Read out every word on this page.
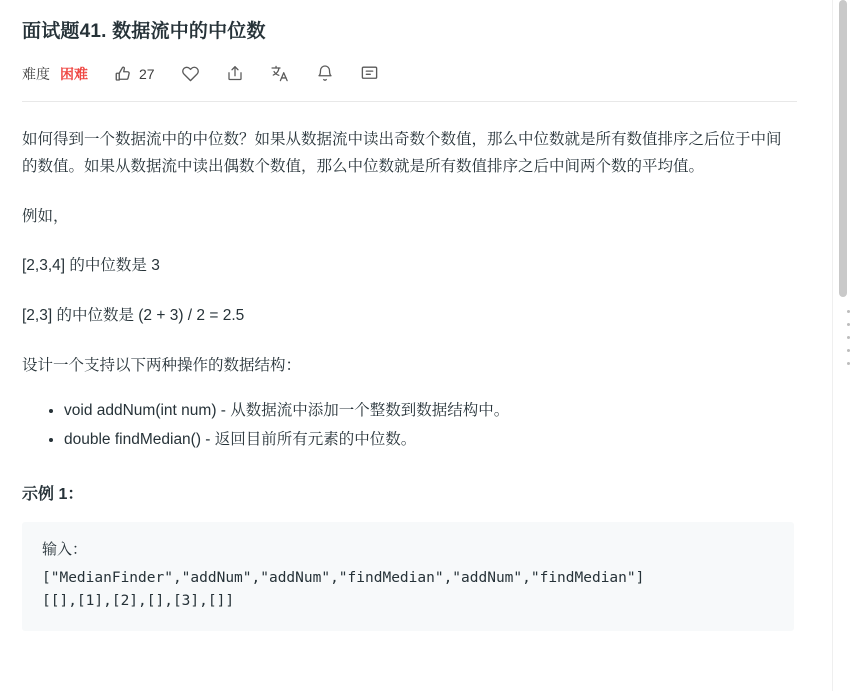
面试题41. 数据流中的中位数
难度 困难	27
如何得到一个数据流中的中位数？如果从数据流中读出奇数个数值，那么中位数就是所有数值排序之后位于中间的数值。如果从数据流中读出偶数个数值，那么中位数就是所有数值排序之后中间两个数的平均值。
例如，
[2,3,4] 的中位数是 3
[2,3] 的中位数是 (2 + 3) / 2 = 2.5
设计一个支持以下两种操作的数据结构：
• void addNum(int num) - 从数据流中添加一个整数到数据结构中。
• double findMedian() - 返回目前所有元素的中位数。
示例 1：
输入：
["MedianFinder","addNum","addNum","findMedian","addNum","findMedian"]
[[],[1],[2],[],[3],[]]
